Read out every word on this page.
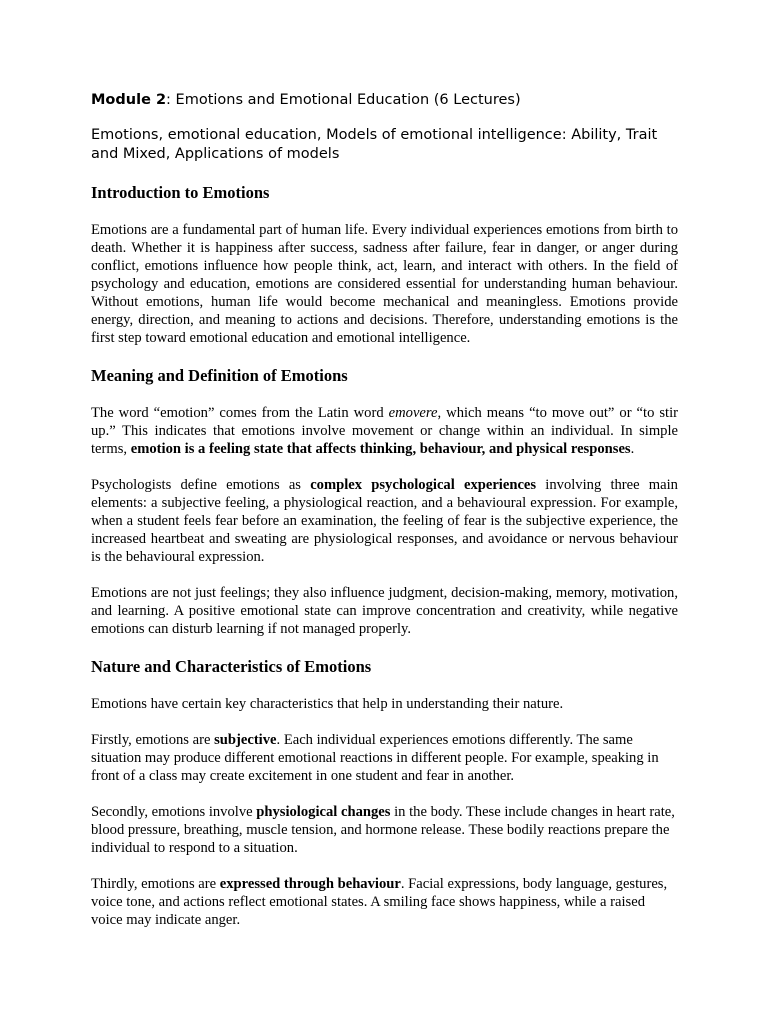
Module 2: Emotions and Emotional Education (6 Lectures)
Emotions, emotional education, Models of emotional intelligence: Ability, Trait and Mixed, Applications of models
Introduction to Emotions

Emotions are a fundamental part of human life. Every individual experiences emotions from birth to death. Whether it is happiness after success, sadness after failure, fear in danger, or anger during conflict, emotions influence how people think, act, learn, and interact with others. In the field of psychology and education, emotions are considered essential for understanding human behaviour. Without emotions, human life would become mechanical and meaningless. Emotions provide energy, direction, and meaning to actions and decisions. Therefore, understanding emotions is the first step toward emotional education and emotional intelligence.

Meaning and Definition of Emotions

The word “emotion” comes from the Latin word emovere, which means “to move out” or “to stir up.” This indicates that emotions involve movement or change within an individual. In simple terms, emotion is a feeling state that affects thinking, behaviour, and physical responses.

Psychologists define emotions as complex psychological experiences involving three main elements: a subjective feeling, a physiological reaction, and a behavioural expression. For example, when a student feels fear before an examination, the feeling of fear is the subjective experience, the increased heartbeat and sweating are physiological responses, and avoidance or nervous behaviour is the behavioural expression.

Emotions are not just feelings; they also influence judgment, decision-making, memory, motivation, and learning. A positive emotional state can improve concentration and creativity, while negative emotions can disturb learning if not managed properly.

Nature and Characteristics of Emotions

Emotions have certain key characteristics that help in understanding their nature.

Firstly, emotions are subjective. Each individual experiences emotions differently. The same situation may produce different emotional reactions in different people. For example, speaking in front of a class may create excitement in one student and fear in another.

Secondly, emotions involve physiological changes in the body. These include changes in heart rate, blood pressure, breathing, muscle tension, and hormone release. These bodily reactions prepare the individual to respond to a situation.

Thirdly, emotions are expressed through behaviour. Facial expressions, body language, gestures, voice tone, and actions reflect emotional states. A smiling face shows happiness, while a raised voice may indicate anger.
